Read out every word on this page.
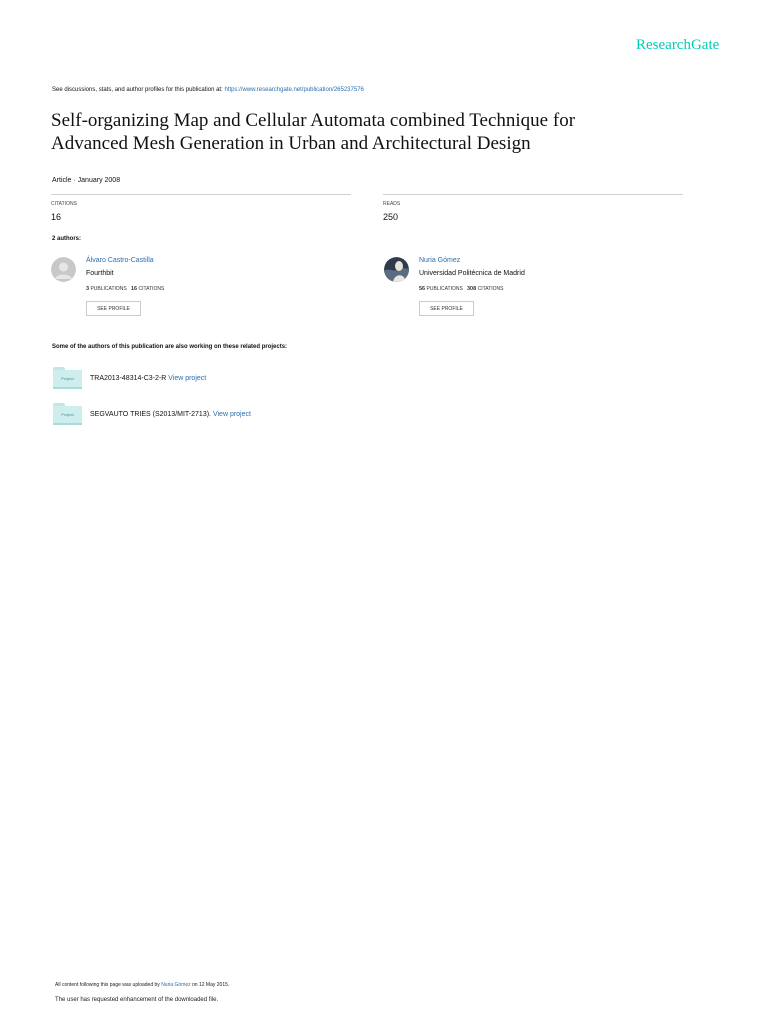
ResearchGate
See discussions, stats, and author profiles for this publication at: https://www.researchgate.net/publication/265237576
Self-organizing Map and Cellular Automata combined Technique for
Advanced Mesh Generation in Urban and Architectural Design
Article · January 2008
CITATIONS
16
READS
250
2 authors:
Álvaro Castro-Castilla
Fourthbit
3 PUBLICATIONS 16 CITATIONS
SEE PROFILE
Nuria Gómez
Universidad Politécnica de Madrid
56 PUBLICATIONS 308 CITATIONS
SEE PROFILE
Some of the authors of this publication are also working on these related projects:
Project	TRA2013-48314-C3-2-R View project
Project	SEGVAUTO TRIES (S2013/MIT-2713). View project
All content following this page was uploaded by Nuria Gómez on 12 May 2015.
The user has requested enhancement of the downloaded file.
